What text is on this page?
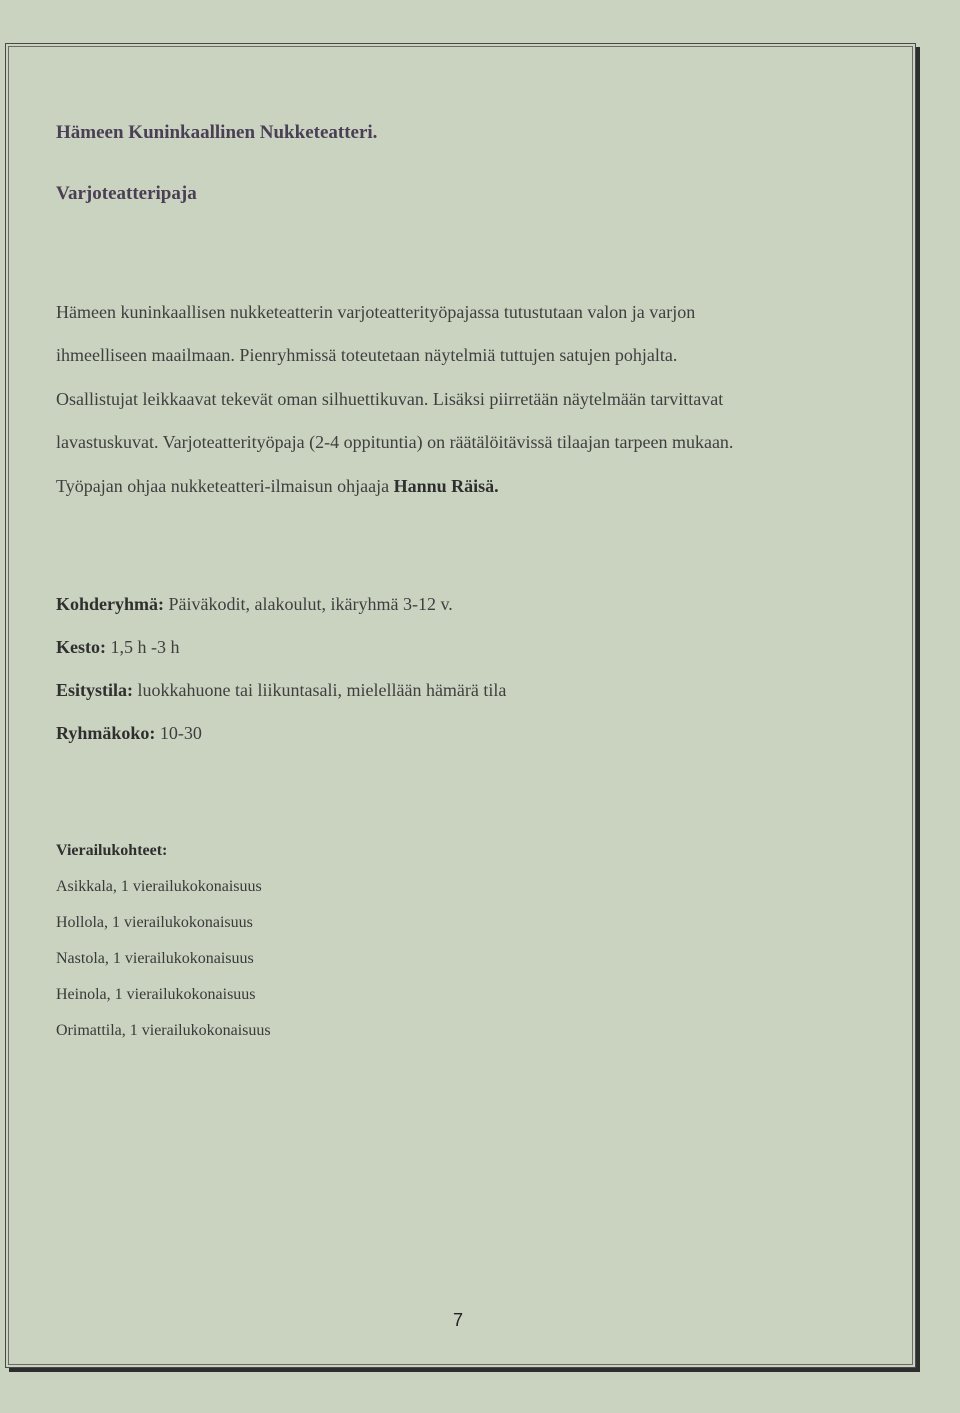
Hämeen Kuninkaallinen Nukketeatteri.
Varjoteatteripaja
Hämeen kuninkaallisen nukketeatterin varjoteatterityöpajassa tutustutaan valon ja varjon
ihmeelliseen maailmaan. Pienryhmissä toteutetaan näytelmiä tuttujen satujen pohjalta.
Osallistujat leikkaavat tekevät oman silhuettikuvan. Lisäksi piirretään näytelmään tarvittavat
lavastuskuvat. Varjoteatterityöpaja (2-4 oppituntia) on räätälöitävissä tilaajan tarpeen mukaan.
Työpajan ohjaa nukketeatteri-ilmaisun ohjaaja Hannu Räisä.
Kohderyhmä: Päiväkodit, alakoulut, ikäryhmä 3-12 v.
Kesto: 1,5 h -3 h
Esitystila: luokkahuone tai liikuntasali, mielellään hämärä tila
Ryhmäkoko: 10-30
Vierailukohteet:
Asikkala, 1 vierailukokonaisuus
Hollola, 1 vierailukokonaisuus
Nastola, 1 vierailukokonaisuus
Heinola, 1 vierailukokonaisuus
Orimattila, 1 vierailukokonaisuus
7
